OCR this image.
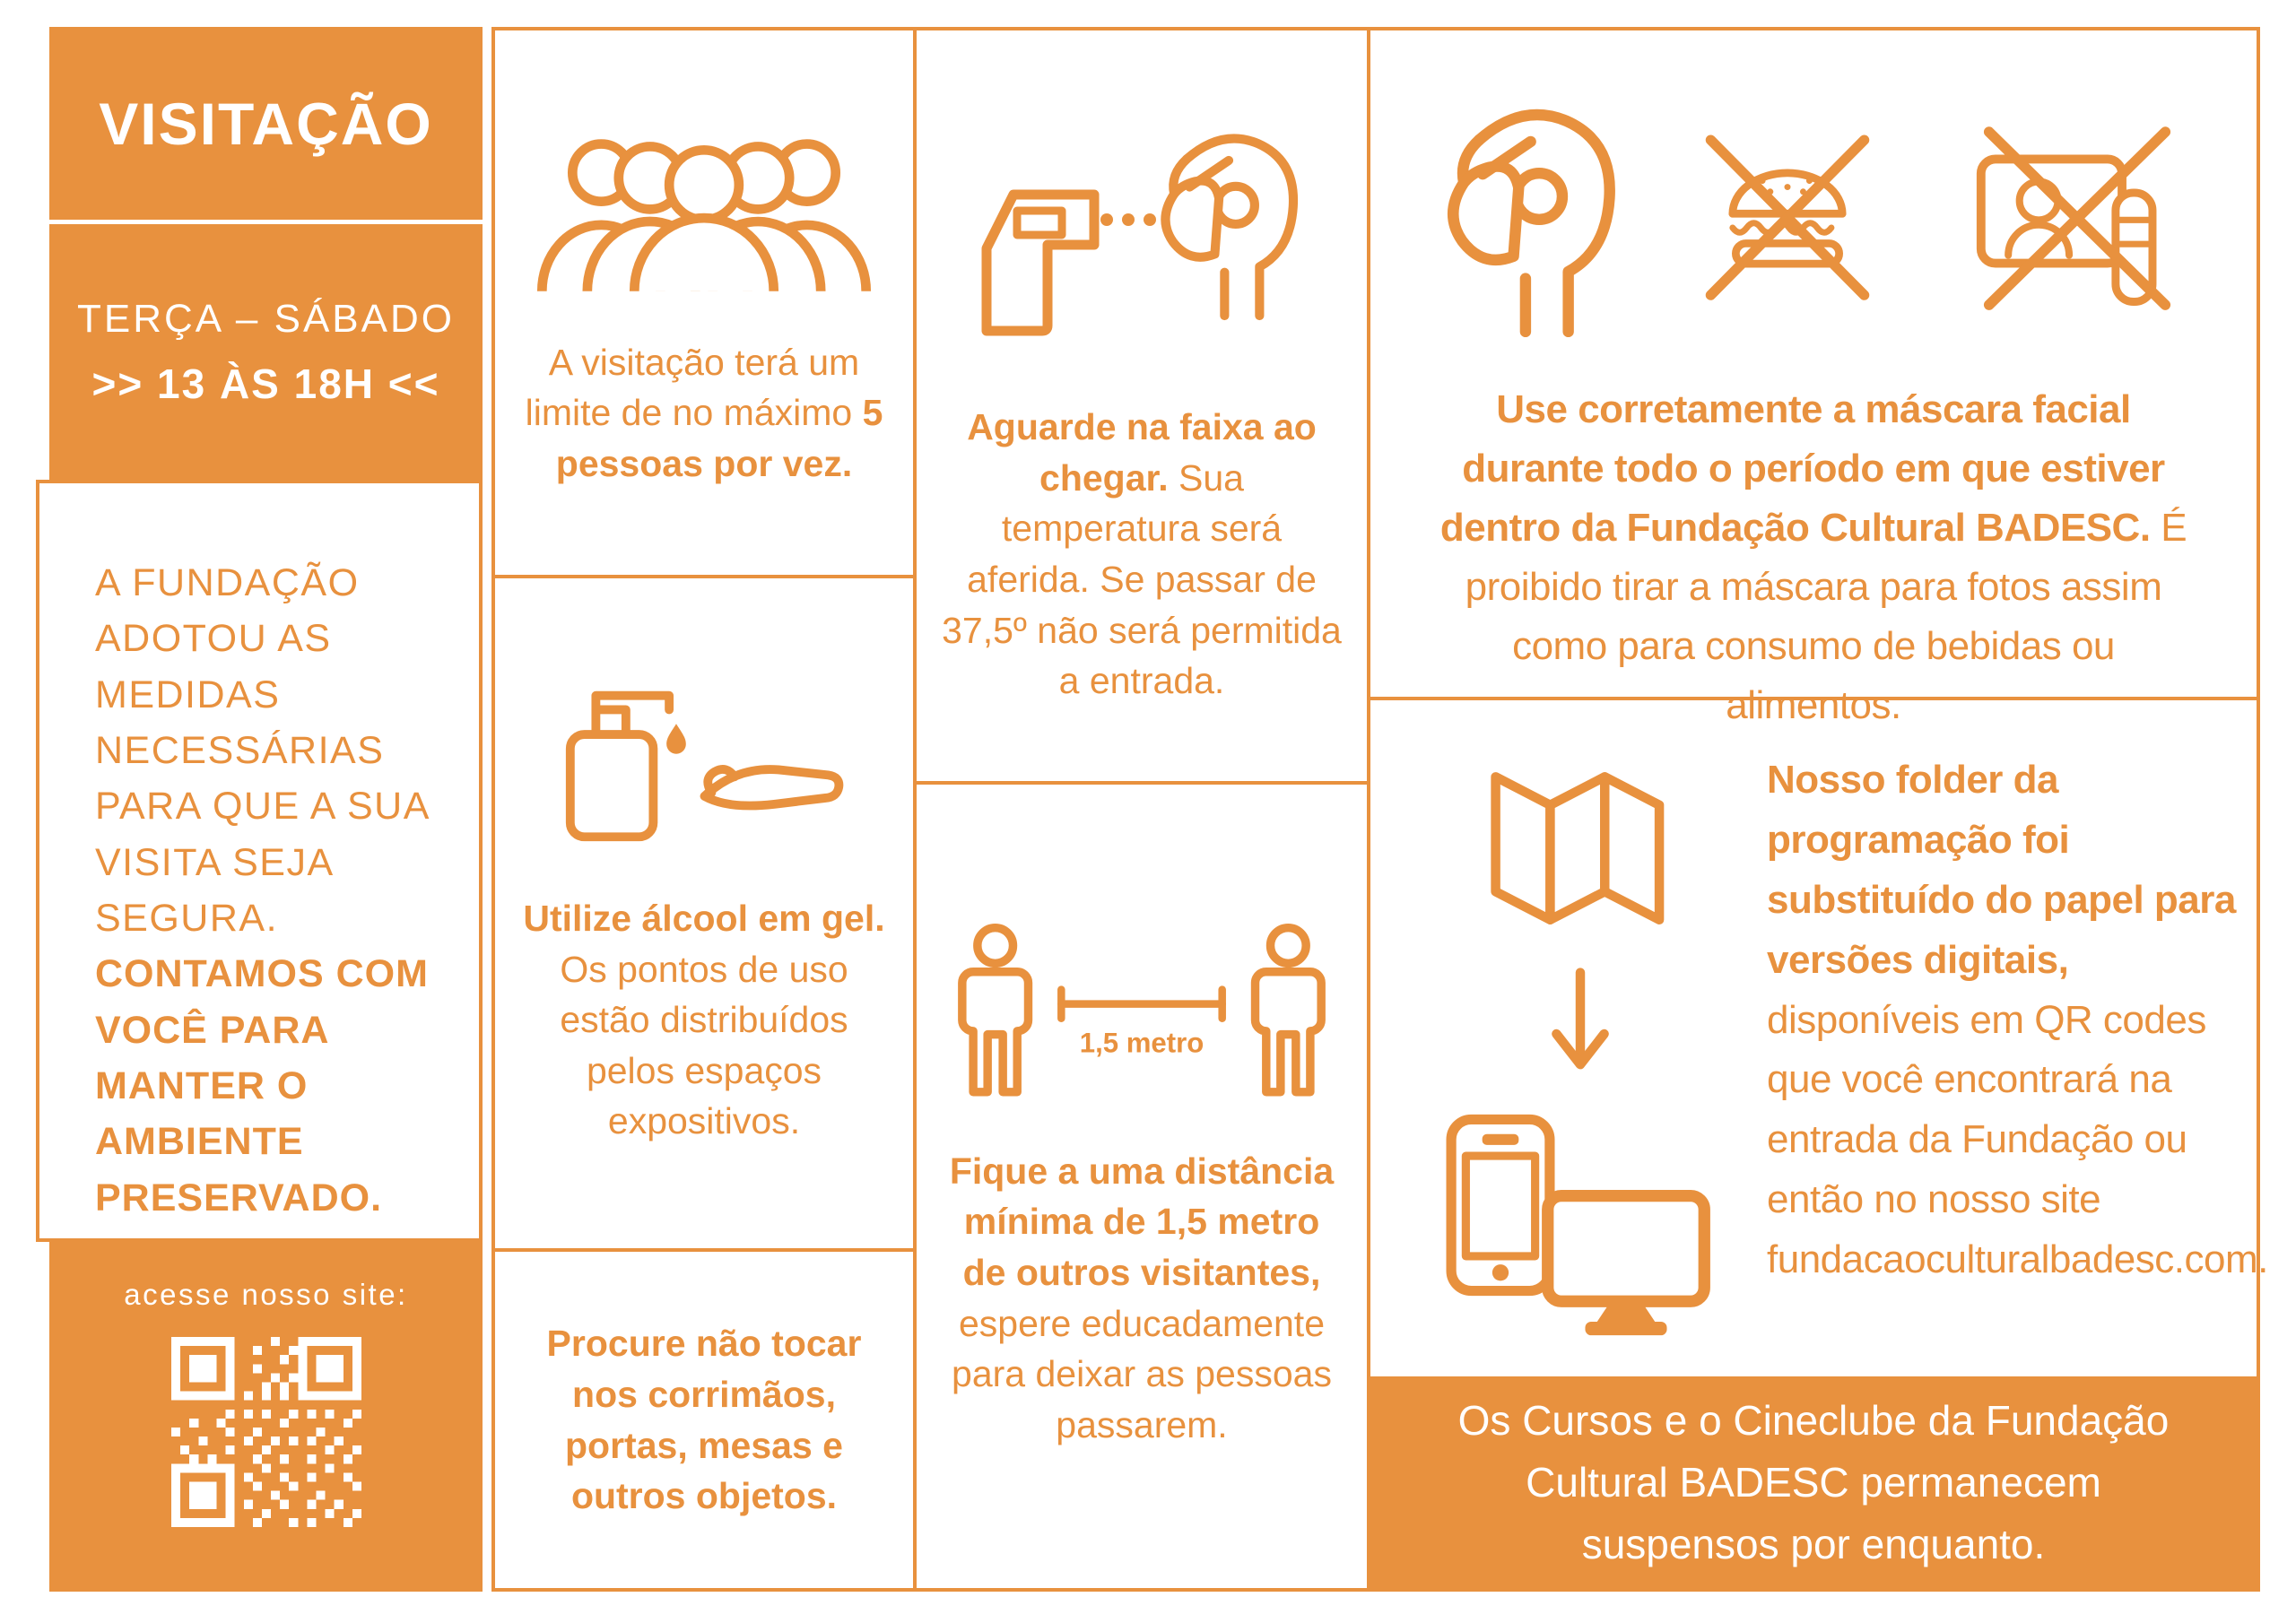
VISITAÇÃO
TERÇA – SÁBADO
>> 13 ÀS 18H <<

A FUNDAÇÃO ADOTOU AS MEDIDAS NECESSÁRIAS PARA QUE A SUA VISITA SEJA SEGURA. CONTAMOS COM VOCÊ PARA MANTER O AMBIENTE PRESERVADO.

acesse nosso site:

A visitação terá um limite de no máximo 5 pessoas por vez.

Utilize álcool em gel. Os pontos de uso estão distribuídos pelos espaços expositivos.

Procure não tocar nos corrimãos, portas, mesas e outros objetos.

Aguarde na faixa ao chegar. Sua temperatura será aferida. Se passar de 37,5º não será permitida a entrada.

1,5 metro

Fique a uma distância mínima de 1,5 metro de outros visitantes, espere educadamente para deixar as pessoas passarem.

Use corretamente a máscara facial durante todo o período em que estiver dentro da Fundação Cultural BADESC. É proibido tirar a máscara para fotos assim como para consumo de bebidas ou alimentos.

Nosso folder da programação foi substituído do papel para versões digitais, disponíveis em QR codes que você encontrará na entrada da Fundação ou então no nosso site fundacaoculturalbadesc.com.

Os Cursos e o Cineclube da Fundação Cultural BADESC permanecem suspensos por enquanto.
